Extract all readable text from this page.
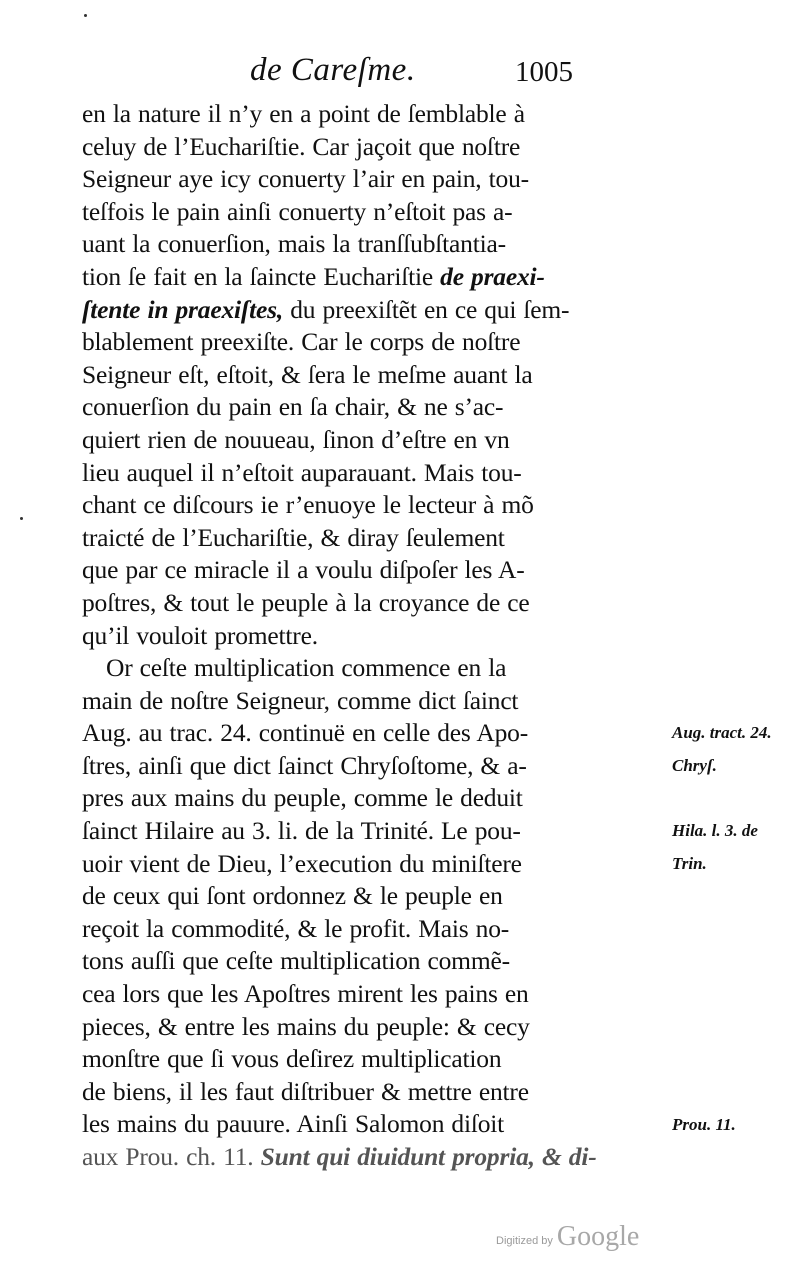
de Careſme.	1005
en la nature il n’y en a point de ſemblable à
celuy de l’Euchariſtie. Car jaçoit que noſtre
Seigneur aye icy conuerty l’air en pain, tou-
teſfois le pain ainſi conuerty n’eſtoit pas a-
uant la conuerſion, mais la tranſſubſtantia-
tion ſe fait en la ſaincte Euchariſtie de praexi-
ſtente in praexiſtes, du preexiſtẽt en ce qui ſem-
blablement preexiſte. Car le corps de noſtre
Seigneur eſt, eſtoit, & ſera le meſme auant la
conuerſion du pain en ſa chair, & ne s’ac-
quiert rien de nouueau, ſinon d’eſtre en vn
lieu auquel il n’eſtoit auparauant. Mais tou-
chant ce diſcours ie r’enuoye le lecteur à mõ
traicté de l’Euchariſtie, & diray ſeulement
que par ce miracle il a voulu diſpoſer les A-
poſtres, & tout le peuple à la croyance de ce
qu’il vouloit promettre.
Or ceſte multiplication commence en la
main de noſtre Seigneur, comme dict ſainct
Aug. au trac. 24. continuë en celle des Apo-
ſtres, ainſi que dict ſainct Chryſoſtome, & a-
pres aux mains du peuple, comme le deduit
ſainct Hilaire au 3. li. de la Trinité. Le pou-
uoir vient de Dieu, l’execution du miniſtere
de ceux qui ſont ordonnez & le peuple en
reçoit la commodité, & le profit. Mais no-
tons auſſi que ceſte multiplication commẽ-
cea lors que les Apoſtres mirent les pains en
pieces, & entre les mains du peuple: & cecy
monſtre que ſi vous deſirez multiplication
de biens, il les faut diſtribuer & mettre entre
les mains du pauure. Ainſi Salomon diſoit
aux Prou. ch. 11. Sunt qui diuidunt propria, & di-
Aug. tract. 24.
Chryſ.
Hila. l. 3. de
Trin.
Prou. 11.
Digitized by Google
